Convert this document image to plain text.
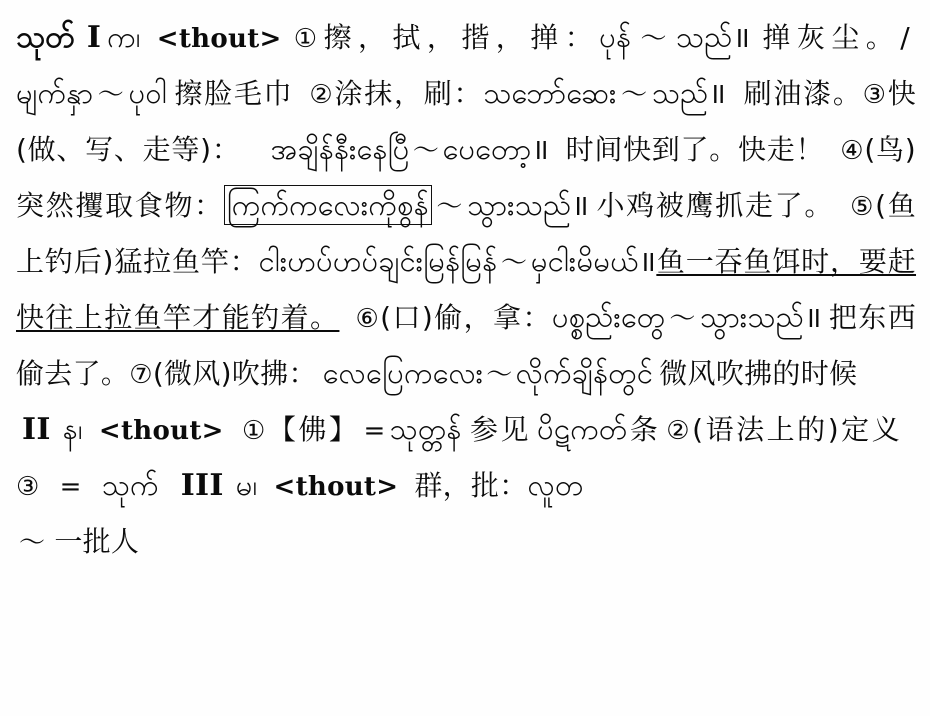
သုတ် I က၊ <thout> ①擦，拭，揩，掸：ပုန် 〜 သည်॥ 掸灰尘。/မျက်နှာ 〜 ပုဝါ 擦脸毛巾 ②涂抹，刷：သဘော်ဆေး 〜 သည်॥ 刷油漆。③快(做、写、走等)： အချိန်နီးနေပြီ 〜 ပေတော့॥ 时间快到了。快走！ ④(鸟)突然攫取食物： ကြက်ကလေးကိုစွန် 〜 သွားသည်॥ 小鸡被鹰抓走了。 ⑤(鱼上钓后)猛拉鱼竿：ငါးဟပ်ဟပ်ချင်းမြန်မြန် 〜 မှငါးမိမယ်॥鱼一吞鱼饵时，要赶快往上拉鱼竿才能钓着。 ⑥(口)偷，拿：ပစ္စည်းတွေ 〜 သွားသည်॥ 把东西偷去了。⑦(微风)吹拂： လေပြေကလေး 〜 လိုက်ချိန်တွင် 微风吹拂的时候
II န၊ <thout> ①【佛】 = သုတ္တန် 参见 ပိဋကတ်条 ②(语法上的)定义③ = သုက် III မ၊ <thout> 群，批：လူတ
〜 一批人
